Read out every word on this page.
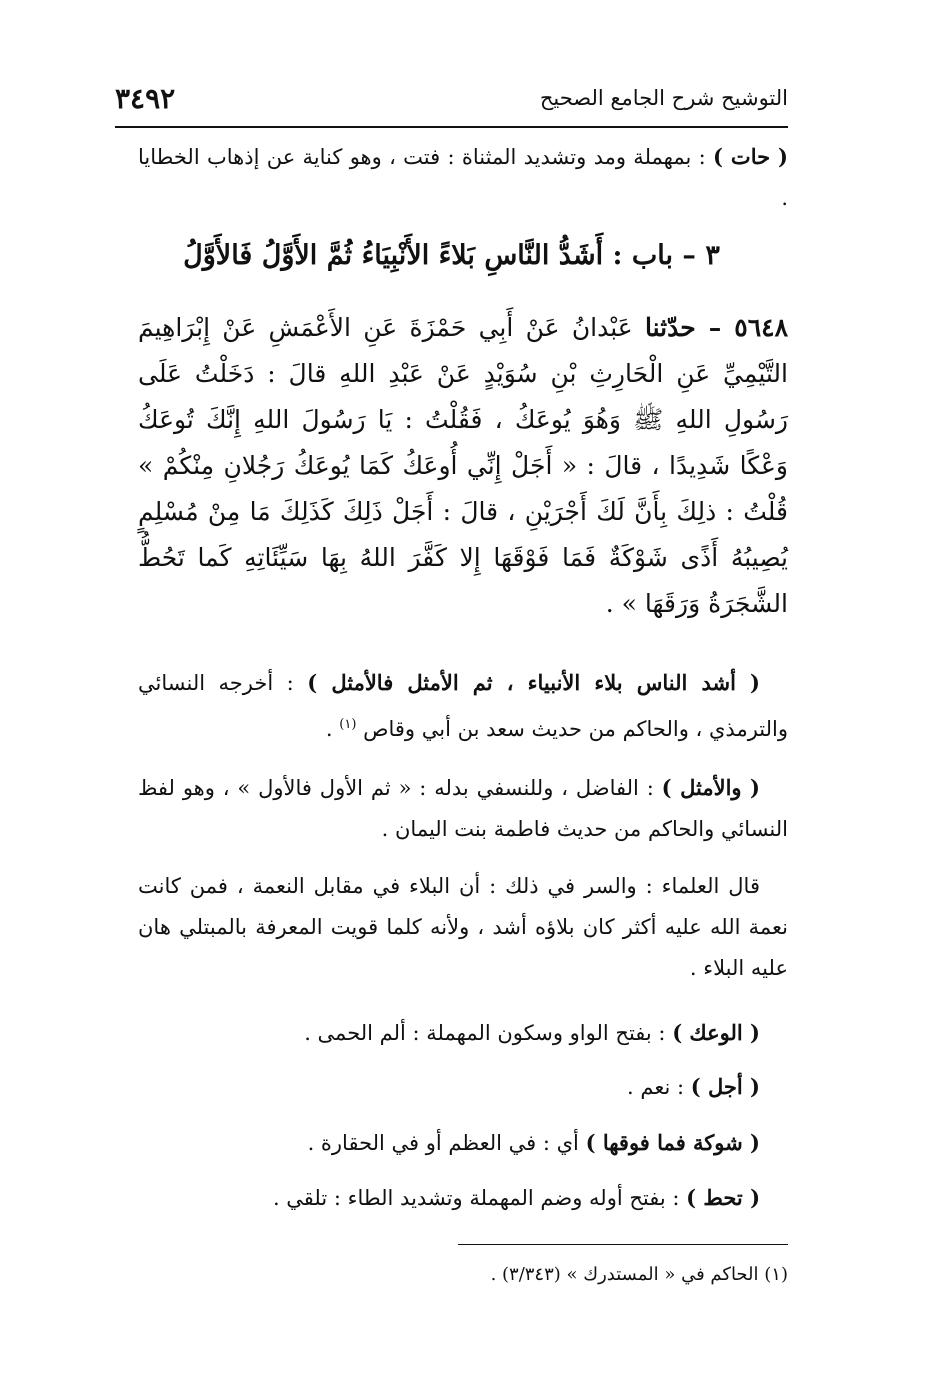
التوشيح شرح الجامع الصحيح
٣٤٩٢

( حات ) : بمهملة ومد وتشديد المثناة : فتت ، وهو كناية عن إذهاب الخطايا .

٣ – باب : أَشَدُّ النَّاسِ بَلاءً الأَنْبِيَاءُ ثُمَّ الأَوَّلُ فَالأَوَّلُ

٥٦٤٨ – حدّثنا عَبْدانُ عَنْ أَبِي حَمْزَةَ عَنِ الأَعْمَشِ عَنْ إِبْرَاهِيمَ التَّيْمِيِّ عَنِ الْحَارِثِ بْنِ سُوَيْدٍ عَنْ عَبْدِ اللهِ قالَ : دَخَلْتُ عَلَى رَسُولِ اللهِ ﷺ وَهُوَ يُوعَكُ ، فَقُلْتُ : يَا رَسُولَ اللهِ إِنَّكَ تُوعَكُ وَعْكًا شَدِيدًا ، قالَ : « أَجَلْ إِنِّي أُوعَكُ كَمَا يُوعَكُ رَجُلانِ مِنْكُمْ » قُلْتُ : ذلِكَ بِأَنَّ لَكَ أَجْرَيْنِ ، قالَ : أَجَلْ ذَلِكَ كَذَلِكَ مَا مِنْ مُسْلِمٍ يُصِيبُهُ أَذًى شَوْكَةٌ فَمَا فَوْقَهَا إِلا كَفَّرَ اللهُ بِهَا سَيِّئَاتِهِ كَما تَحُطُّ الشَّجَرَةُ وَرَقَهَا » .

( أشد الناس بلاء الأنبياء ، ثم الأمثل فالأمثل ) : أخرجه النسائي والترمذي ، والحاكم من حديث سعد بن أبي وقاص $^{(١)}$ .

( والأمثل ) : الفاضل ، وللنسفي بدله : « ثم الأول فالأول » ، وهو لفظ النسائي والحاكم من حديث فاطمة بنت اليمان .

قال العلماء : والسر في ذلك : أن البلاء في مقابل النعمة ، فمن كانت نعمة الله عليه أكثر كان بلاؤه أشد ، ولأنه كلما قويت المعرفة بالمبتلي هان عليه البلاء .

( الوعك ) : بفتح الواو وسكون المهملة : ألم الحمى .

( أجل ) : نعم .

( شوكة فما فوقها ) أي : في العظم أو في الحقارة .

( تحط ) : بفتح أوله وضم المهملة وتشديد الطاء : تلقي .

(١) الحاكم في « المستدرك » (٣/٣٤٣) .
